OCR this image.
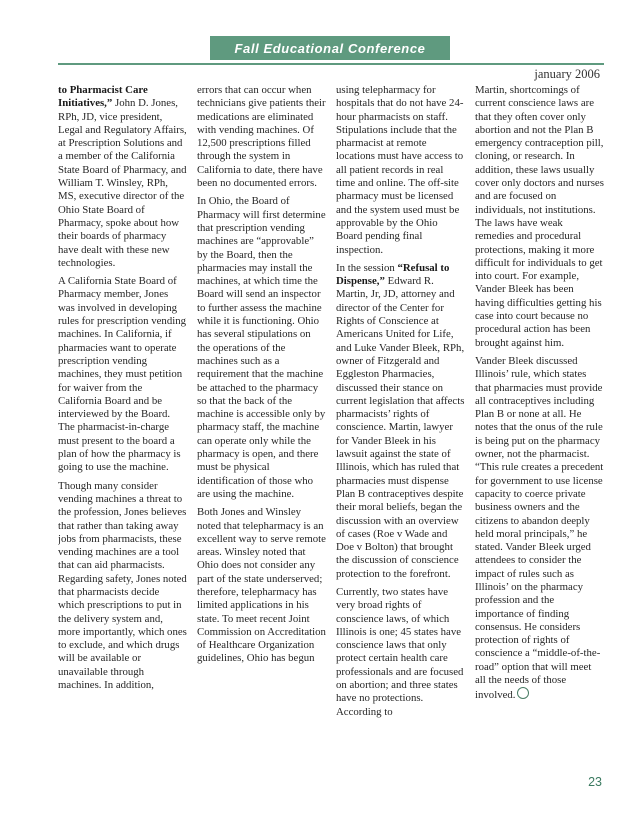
Fall Educational Conference
january 2006

to Pharmacist Care Initiatives,” John D. Jones, RPh, JD, vice president, Legal and Regulatory Affairs, at Prescription Solutions and a member of the California State Board of Pharmacy, and William T. Winsley, RPh, MS, executive director of the Ohio State Board of Pharmacy, spoke about how their boards of pharmacy have dealt with these new technologies.

A California State Board of Pharmacy member, Jones was involved in developing rules for prescription vending machines. In California, if pharmacies want to operate prescription vending machines, they must petition for waiver from the California Board and be interviewed by the Board. The pharmacist-in-charge must present to the board a plan of how the pharmacy is going to use the machine.

Though many consider vending machines a threat to the profession, Jones believes that rather than taking away jobs from pharmacists, these vending machines are a tool that can aid pharmacists. Regarding safety, Jones noted that pharmacists decide which prescriptions to put in the delivery system and, more importantly, which ones to exclude, and which drugs will be available or unavailable through machines. In addition,

errors that can occur when technicians give patients their medications are eliminated with vending machines. Of 12,500 prescriptions filled through the system in California to date, there have been no documented errors.

In Ohio, the Board of Pharmacy will first determine that prescription vending machines are “approvable” by the Board, then the pharmacies may install the machines, at which time the Board will send an inspector to further assess the machine while it is functioning. Ohio has several stipulations on the operations of the machines such as a requirement that the machine be attached to the pharmacy so that the back of the machine is accessible only by pharmacy staff, the machine can operate only while the pharmacy is open, and there must be physical identification of those who are using the machine.

Both Jones and Winsley noted that telepharmacy is an excellent way to serve remote areas. Winsley noted that Ohio does not consider any part of the state underserved; therefore, telepharmacy has limited applications in his state. To meet recent Joint Commission on Accreditation of Healthcare Organization guidelines, Ohio has begun

using telepharmacy for hospitals that do not have 24-hour pharmacists on staff. Stipulations include that the pharmacist at remote locations must have access to all patient records in real time and online. The off-site pharmacy must be licensed and the system used must be approvable by the Ohio Board pending final inspection.

In the session “Refusal to Dispense,” Edward R. Martin, Jr, JD, attorney and director of the Center for Rights of Conscience at Americans United for Life, and Luke Vander Bleek, RPh, owner of Fitzgerald and Eggleston Pharmacies, discussed their stance on current legislation that affects pharmacists’ rights of conscience. Martin, lawyer for Vander Bleek in his lawsuit against the state of Illinois, which has ruled that pharmacies must dispense Plan B contraceptives despite their moral beliefs, began the discussion with an overview of cases (Roe v Wade and Doe v Bolton) that brought the discussion of conscience protection to the forefront.

Currently, two states have very broad rights of conscience laws, of which Illinois is one; 45 states have conscience laws that only protect certain health care professionals and are focused on abortion; and three states have no protections. According to

Martin, shortcomings of current conscience laws are that they often cover only abortion and not the Plan B emergency contraception pill, cloning, or research. In addition, these laws usually cover only doctors and nurses and are focused on individuals, not institutions. The laws have weak remedies and procedural protections, making it more difficult for individuals to get into court. For example, Vander Bleek has been having difficulties getting his case into court because no procedural action has been brought against him.

Vander Bleek discussed Illinois’ rule, which states that pharmacies must provide all contraceptives including Plan B or none at all. He notes that the onus of the rule is being put on the pharmacy owner, not the pharmacist. “This rule creates a precedent for government to use license capacity to coerce private business owners and the citizens to abandon deeply held moral principals,” he stated. Vander Bleek urged attendees to consider the impact of rules such as Illinois’ on the pharmacy profession and the importance of finding consensus. He considers protection of rights of conscience a “middle-of-the-road” option that will meet all the needs of those involved.

23
